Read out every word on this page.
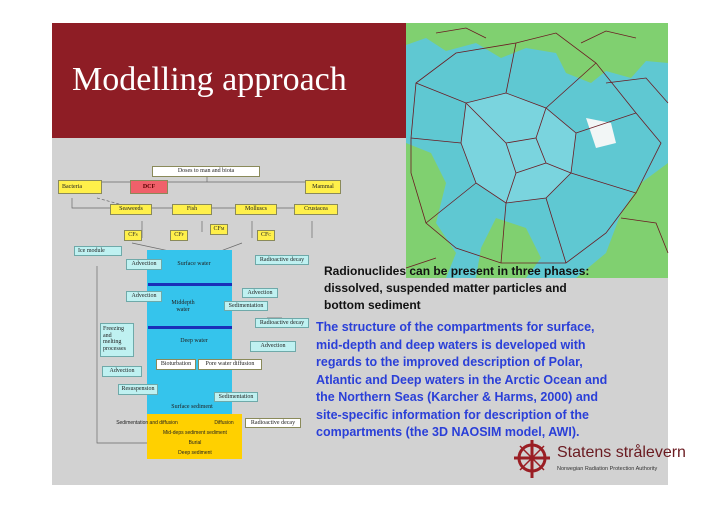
Modelling approach
Doses to man and biota
Bacteria	DCF	Mammal
Seaweeds	Fish	Molluscs	Crustacea
CF M
CF S	CF F	CF C
Ice module
Radioactive decay
Advection	Surface water
Advection
Advection
Middepth water
Sedimentation
Radioactive decay
Freezing and melting processes
Deep water
Advection
Bioturbation	Pore water diffusion
Advection
Resuspension
Sedimentation
Surface sediment
Radioactive decay
Sedimentation and diffusion	Diffusion
Mid-deps sediment sediment
Burial
Deep sediment
Radionuclides can be present in three phases: dissolved, suspended matter particles and bottom sediment
The structure of the compartments for surface, mid-depth and deep waters is developed with regards to the improved description of Polar, Atlantic and Deep waters in the Arctic Ocean and the Northern Seas (Karcher & Harms, 2000) and site-specific information for description of the compartments (the 3D NAOSIM model, AWI).
Statens strålevern
Norwegian Radiation Protection Authority
